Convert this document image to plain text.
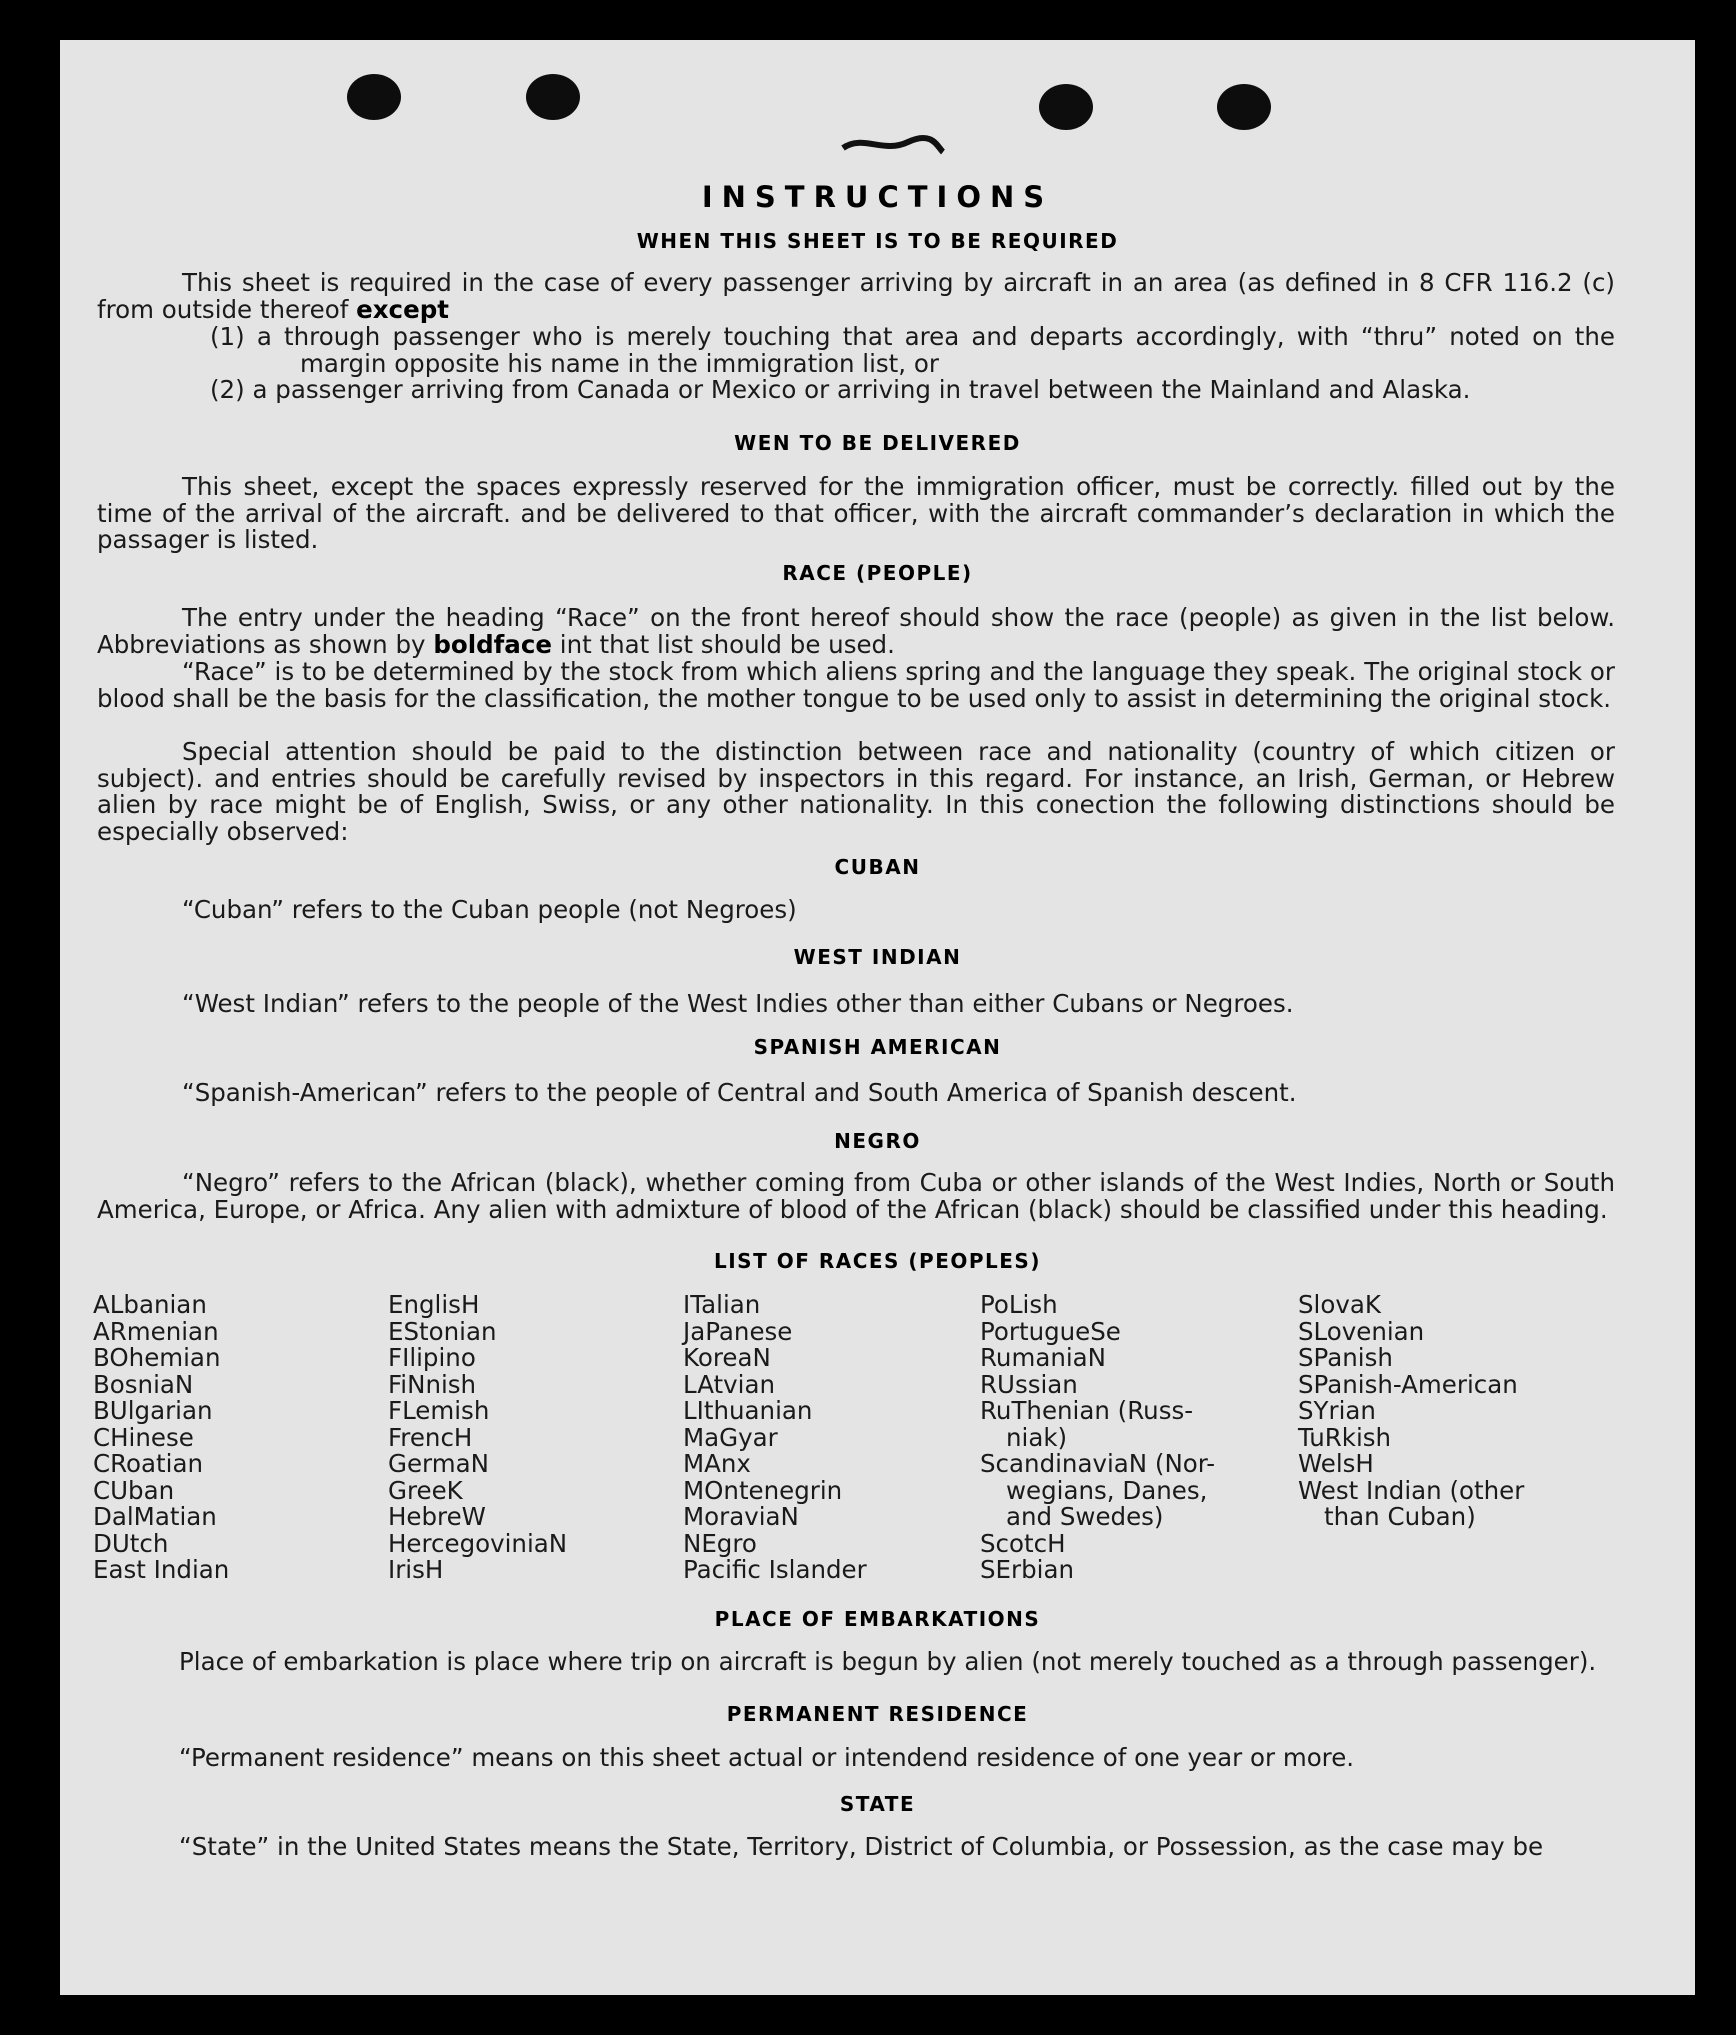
INSTRUCTIONS
WHEN THIS SHEET IS TO BE REQUIRED
This sheet is required in the case of every passenger arriving by aircraft in an area (as defined in 8 CFR 116.2 (c) from outside thereof except
(1) a through passenger who is merely touching that area and departs accordingly, with “thru” noted on the margin opposite his name in the immigration list, or
(2) a passenger arriving from Canada or Mexico or arriving in travel between the Mainland and Alaska.
WEN TO BE DELIVERED
This sheet, except the spaces expressly reserved for the immigration officer, must be correctly. filled out by the time of the arrival of the aircraft. and be delivered to that officer, with the aircraft commander’s declaration in which the passager is listed.
RACE (PEOPLE)
The entry under the heading “Race” on the front hereof should show the race (people) as given in the list below. Abbreviations as shown by boldface int that list should be used.
“Race” is to be determined by the stock from which aliens spring and the language they speak. The original stock or blood shall be the basis for the classification, the mother tongue to be used only to assist in determining the original stock.
Special attention should be paid to the distinction between race and nationality (country of which citizen or subject). and entries should be carefully revised by inspectors in this regard. For instance, an Irish, German, or Hebrew alien by race might be of English, Swiss, or any other nationality. In this conection the following distinctions should be especially observed:
CUBAN
“Cuban” refers to the Cuban people (not Negroes)
WEST INDIAN
“West Indian” refers to the people of the West Indies other than either Cubans or Negroes.
SPANISH AMERICAN
“Spanish-American” refers to the people of Central and South America of Spanish descent.
NEGRO
“Negro” refers to the African (black), whether coming from Cuba or other islands of the West Indies, North or South America, Europe, or Africa. Any alien with admixture of blood of the African (black) should be classified under this heading.
LIST OF RACES (PEOPLES)
ALbanian
ARmenian
BOhemian
BosniaN
BUlgarian
CHinese
CRoatian
CUban
DalMatian
DUtch
East Indian
EnglisH
EStonian
FIlipino
FiNnish
FLemish
FrencH
GermaN
GreeK
HebreW
HercegoviniaN
IrisH
ITalian
JaPanese
KoreaN
LAtvian
LIthuanian
MaGyar
MAnx
MOntenegrin
MoraviaN
NEgro
Pacific Islander
PoLish
PortugueSe
RumaniaN
RUssian
RuThenian (Russ-
niak)
ScandinaviaN (Nor-
wegians, Danes,
and Swedes)
ScotcH
SErbian
SlovaK
SLovenian
SPanish
SPanish-American
SYrian
TuRkish
WelsH
West Indian (other
than Cuban)
PLACE OF EMBARKATIONS
Place of embarkation is place where trip on aircraft is begun by alien (not merely touched as a through passenger).
PERMANENT RESIDENCE
“Permanent residence” means on this sheet actual or intendend residence of one year or more.
STATE
“State” in the United States means the State, Territory, District of Columbia, or Possession, as the case may be
